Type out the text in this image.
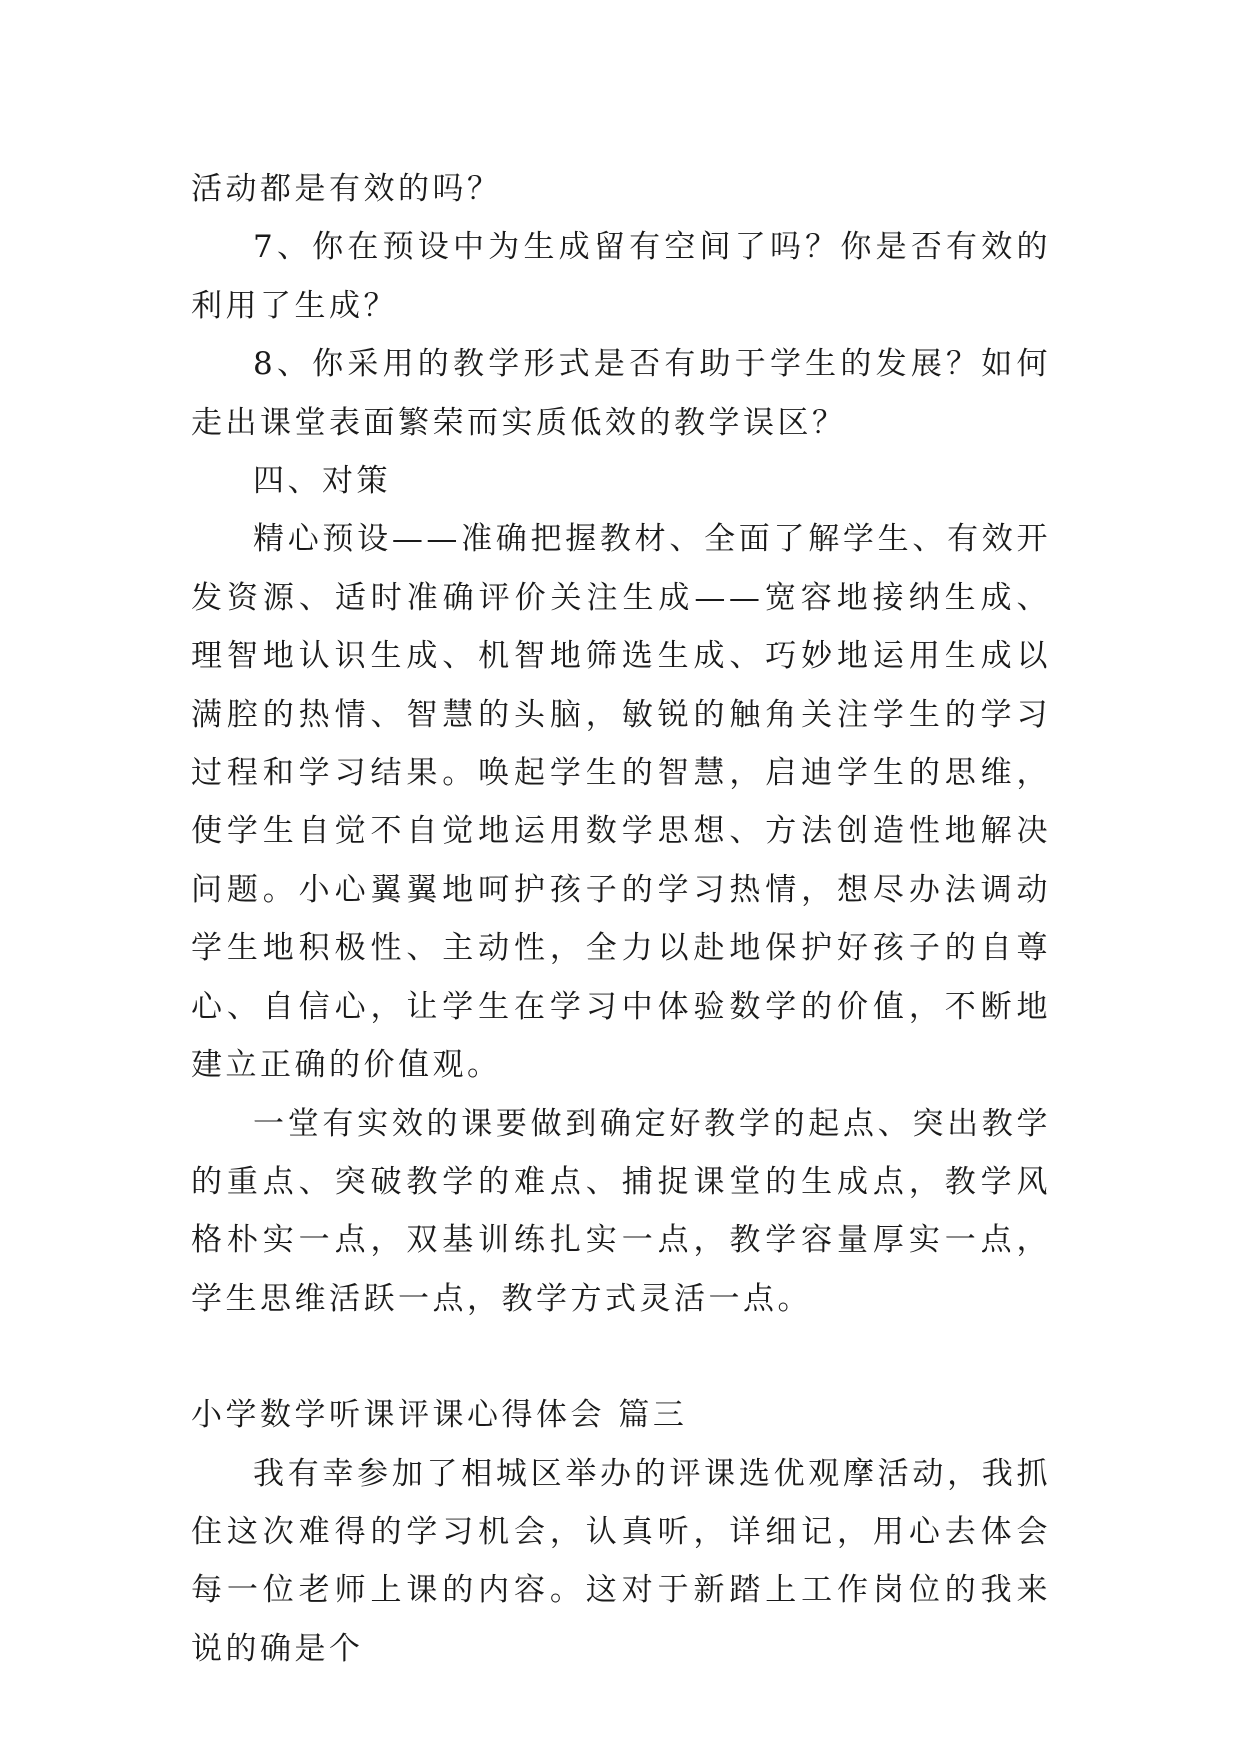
活动都是有效的吗？

7、你在预设中为生成留有空间了吗？你是否有效的利用了生成？

8、你采用的教学形式是否有助于学生的发展？如何走出课堂表面繁荣而实质低效的教学误区？

四、对策

精心预设——准确把握教材、全面了解学生、有效开发资源、适时准确评价关注生成——宽容地接纳生成、理智地认识生成、机智地筛选生成、巧妙地运用生成以满腔的热情、智慧的头脑，敏锐的触角关注学生的学习过程和学习结果。唤起学生的智慧，启迪学生的思维，使学生自觉不自觉地运用数学思想、方法创造性地解决问题。小心翼翼地呵护孩子的学习热情，想尽办法调动学生地积极性、主动性，全力以赴地保护好孩子的自尊心、自信心，让学生在学习中体验数学的价值，不断地建立正确的价值观。

一堂有实效的课要做到确定好教学的起点、突出教学的重点、突破教学的难点、捕捉课堂的生成点，教学风格朴实一点，双基训练扎实一点，教学容量厚实一点，学生思维活跃一点，教学方式灵活一点。

小学数学听课评课心得体会 篇三

我有幸参加了相城区举办的评课选优观摩活动，我抓住这次难得的学习机会，认真听，详细记，用心去体会每一位老师上课的内容。这对于新踏上工作岗位的我来说的确是个
